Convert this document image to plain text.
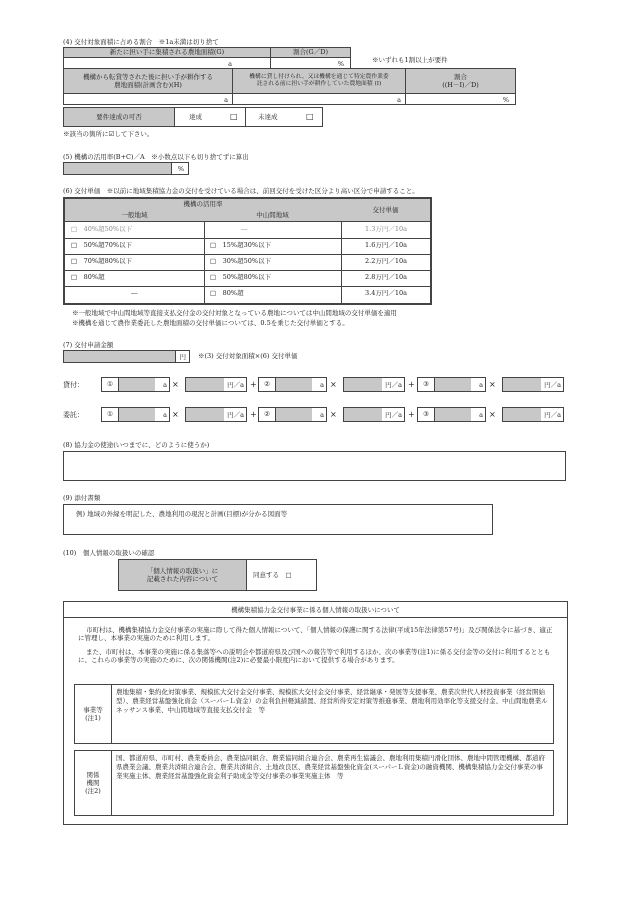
(4) 交付対象面積に占める割合　※1a未満は切り捨て
新たに担い手に集積される農地面積(G)	割合(G／D)
a	%	※いずれも1割以上が要件
機構から転貸等された後に担い手が耕作する
農地面積(計画含む)(H)
機構に貸し付けられ、又は機構を通じて特定農作業委
託される前に担い手が耕作していた農地面積 (I)
割合
((H－I)／D)
a	a	%
要件達成の可否	達成	□	未達成	□
※該当の箇所に☑して下さい。
(5) 機構の活用率(B+C)／A　※小数点以下も切り捨てずに算出
%
(6) 交付単価　※以前に地域集積協力金の交付を受けている場合は、前回交付を受けた区分より高い区分で申請すること。
機構の活用率
一般地域	中山間地域
交付単価
□　40%超50%以下	―	1.3万円／10a
□　50%超70%以下	□　15%超30%以下	1.6万円／10a
□　70%超80%以下	□　30%超50%以下	2.2万円／10a
□　80%超	□　50%超80%以下	2.8万円／10a
―	□　80%超	3.4万円／10a
※一般地域で中山間地域等直接支払交付金の交付対象となっている農地については中山間地域の交付単価を適用
※機構を通じて農作業委託した農地面積の交付単価については、0.5を乗じた交付単価とする。
(7) 交付申請金額
円 ※(3) 交付対象面積×(6) 交付単価
貸付：	①	a ×	円／a + ②	a ×	円／a + ③	a ×	円／a
委託：	①	a ×	円／a + ②	a ×	円／a + ③	a ×	円／a
(8) 協力金の使途(いつまでに、どのように使うか)
(9) 添付書類
例) 地域の外縁を明記した、農地利用の現況と計画(目標)が分かる図面等
(10)　個人情報の取扱いの確認
「個人情報の取扱い」に
記載された内容について	同意する　□
機構集積協力金交付事業に係る個人情報の取扱いについて
市町村は、機構集積協力金交付事業の実施に際して得た個人情報について、「個人情報の保護に関する法律(平成15年法律第57号)」及び関係法令に基づき、適正に管理し、本事業の実施のために利用します。
また、市町村は、本事業の実施に係る集落等への説明会や都道府県及び国への報告等で利用するほか、次の事業等(注1)に係る交付金等の交付に利用するとともに、これらの事業等の実施のために、次の関係機関(注2)に必要最小限度内において提供する場合があります。
事業等
(注1)
農地集積・集約化対策事業、規模拡大交付金交付事業、規模拡大交付金交付事業、経営継承・発展等支援事業、農業次世代人材投資事業（経営開始型）、農業経営基盤強化資金（スーパーＬ資金）の金利負担軽減措置、経営所得安定対策等推進事業、農地利用効率化等支援交付金、中山間地農業ルネッサンス事業、中山間地域等直接支払交付金　等
関係
機関
(注2)
国、都道府県、市町村、農業委員会、農業協同組合、農業協同組合連合会、農業再生協議会、農地利用集積円滑化団体、農地中間管理機構、都道府県農業会議、農業共済組合連合会、農業共済組合、土地改良区、農業経営基盤強化資金(スーパーＬ資金)の融資機関、機構集積協力金交付事業の事業実施主体、農業経営基盤強化資金利子助成金等交付事業の事業実施主体　等
